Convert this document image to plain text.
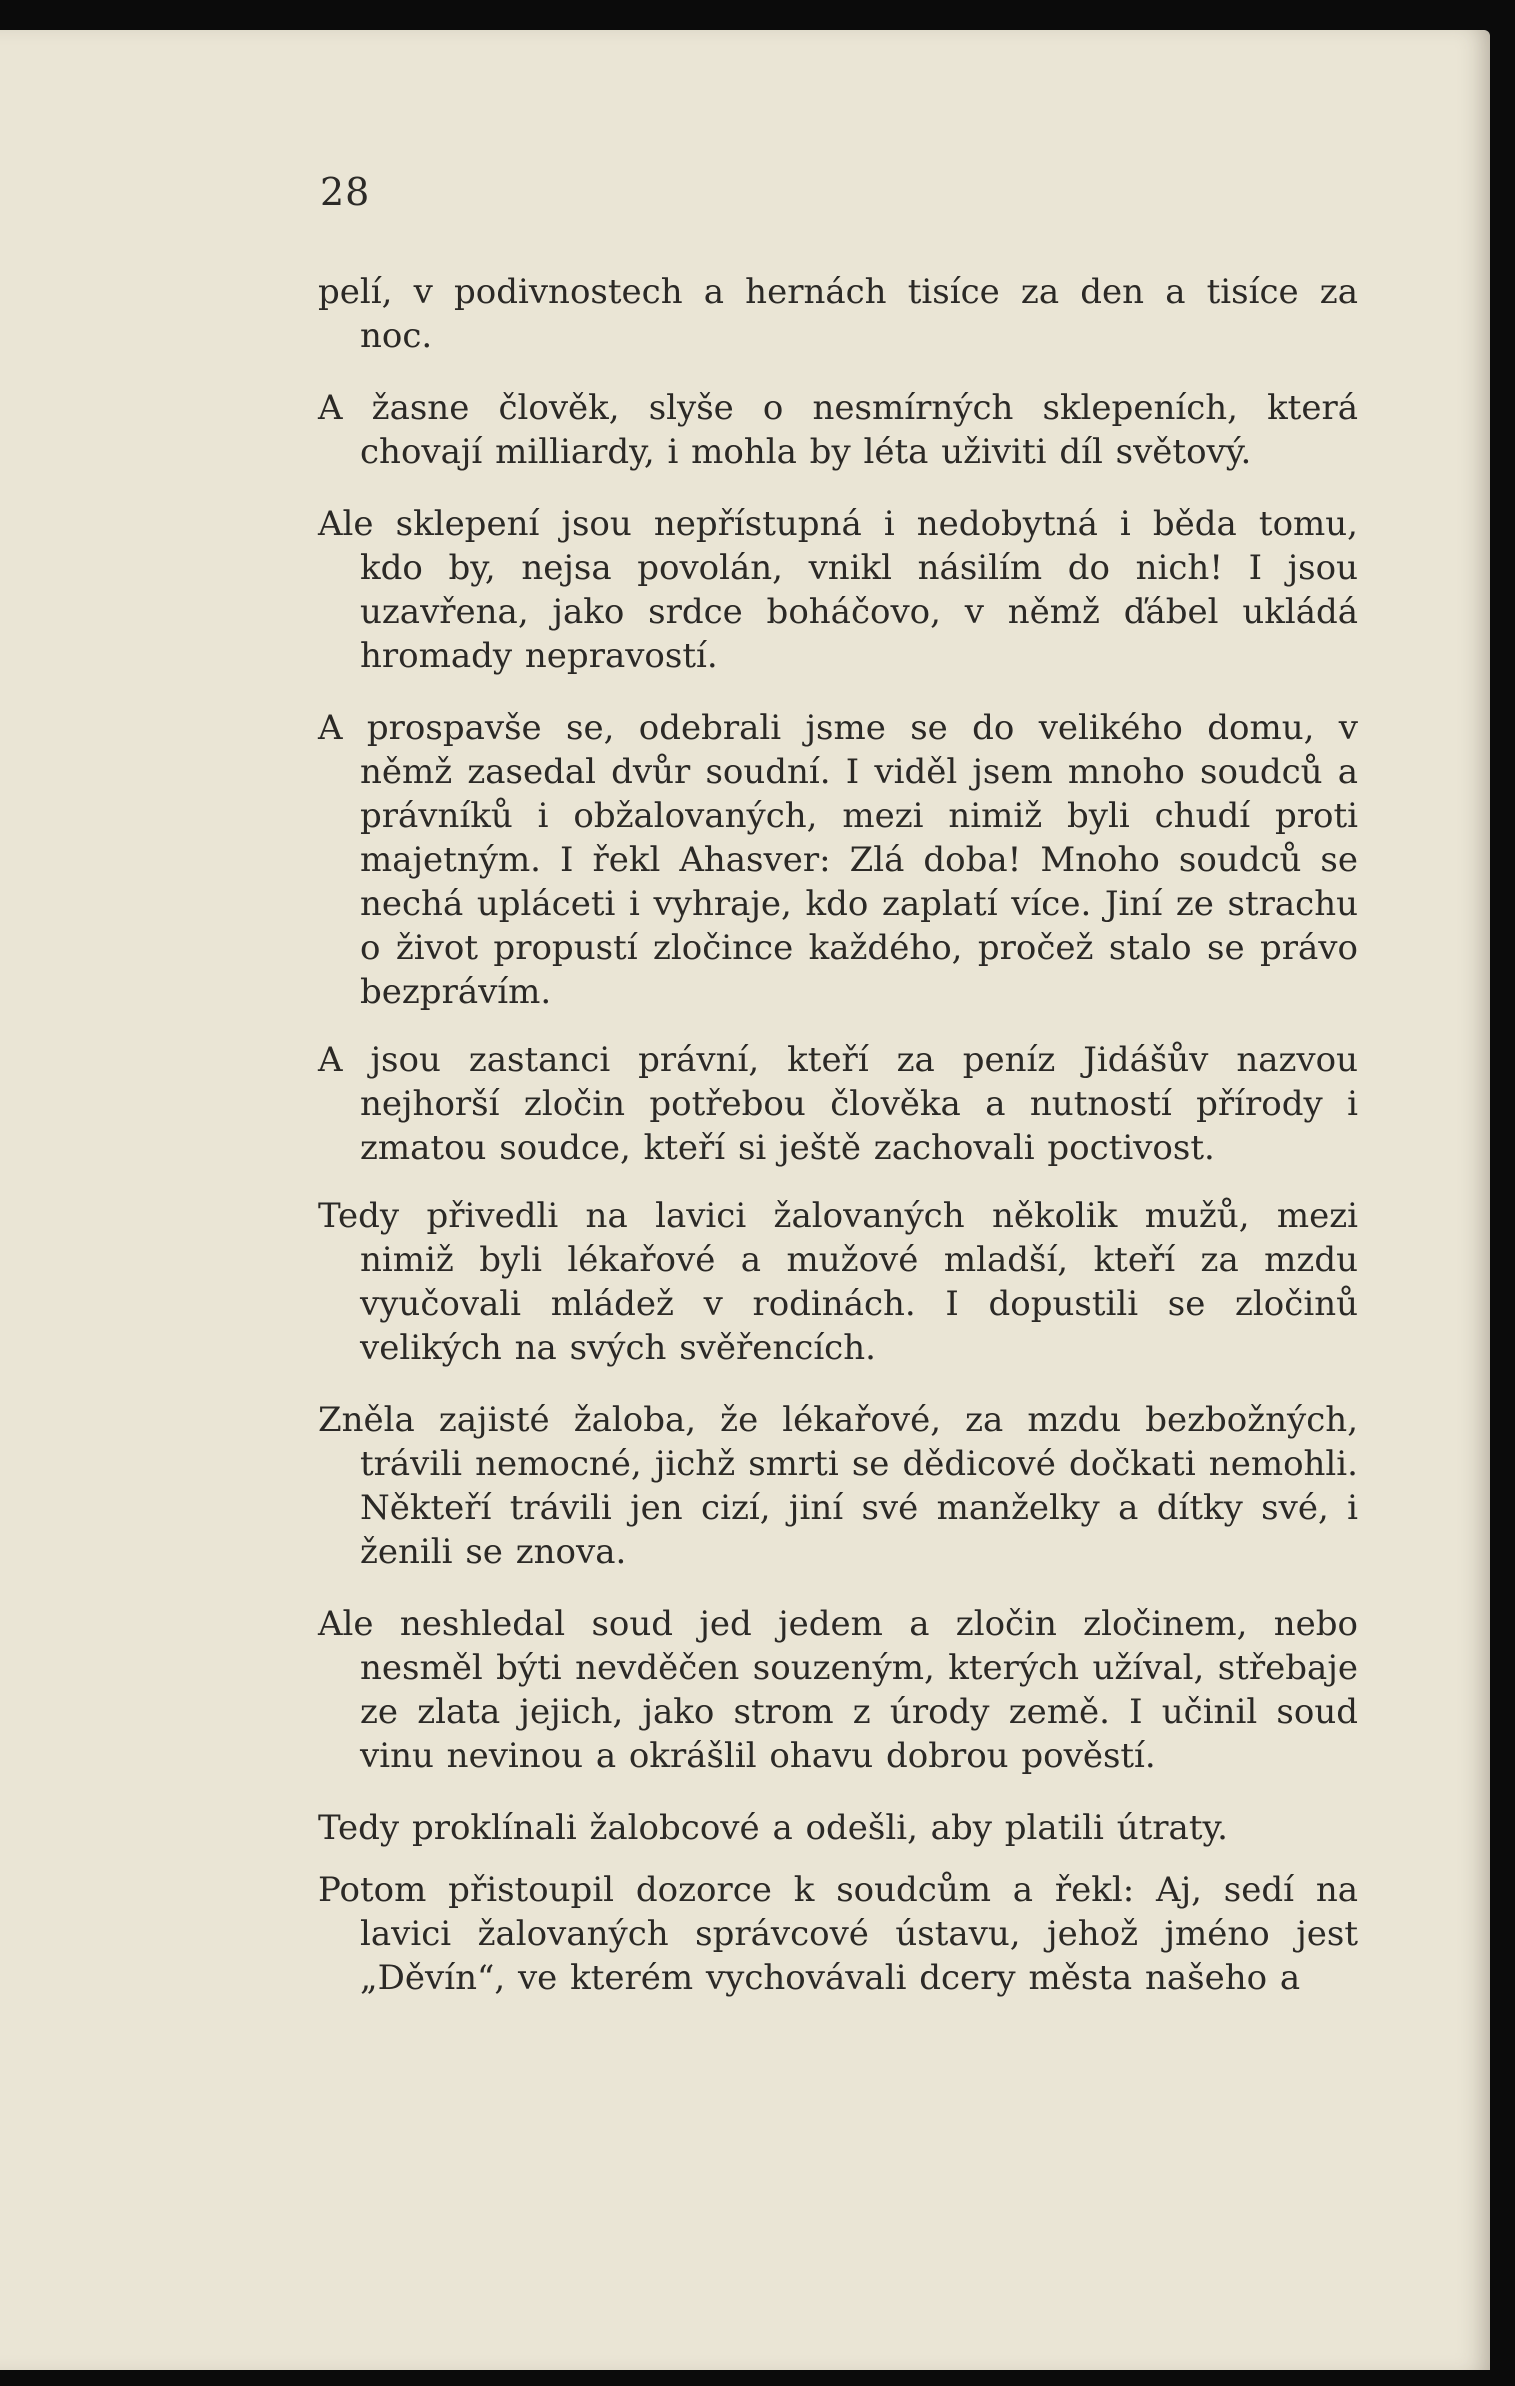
28

pelí, v podivnostech a hernách tisíce za den a tisíce za noc.

A žasne člověk, slyše o nesmírných sklepeních, která chovají milliardy, i mohla by léta uživiti díl světový.

Ale sklepení jsou nepřístupná i nedobytná i běda tomu, kdo by, nejsa povolán, vnikl násilím do nich! I jsou uzavřena, jako srdce boháčovo, v němž ďábel ukládá hromady nepravostí.

A prospavše se, odebrali jsme se do velikého domu, v němž zasedal dvůr soudní. I viděl jsem mnoho soudců a právníků i obžalovaných, mezi nimiž byli chudí proti majetným. I řekl Ahasver: Zlá doba! Mnoho soudců se nechá upláceti i vyhraje, kdo zaplatí více. Jiní ze strachu o život propustí zločince každého, pročež stalo se právo bezprávím.

A jsou zastanci právní, kteří za peníz Jidášův nazvou nejhorší zločin potřebou člověka a nutností přírody i zmatou soudce, kteří si ještě zachovali poctivost.

Tedy přivedli na lavici žalovaných několik mužů, mezi nimiž byli lékařové a mužové mladší, kteří za mzdu vyučovali mládež v rodinách. I dopustili se zločinů velikých na svých svěřencích.

Zněla zajisté žaloba, že lékařové, za mzdu bezbožných, trávili nemocné, jichž smrti se dědicové dočkati nemohli. Někteří trávili jen cizí, jiní své manželky a dítky své, i ženili se znova.

Ale neshledal soud jed jedem a zločin zločinem, nebo nesměl býti nevděčen souzeným, kterých užíval, střebaje ze zlata jejich, jako strom z úrody země. I učinil soud vinu nevinou a okrášlil ohavu dobrou pověstí.

Tedy proklínali žalobcové a odešli, aby platili útraty.

Potom přistoupil dozorce k soudcům a řekl: Aj, sedí na lavici žalovaných správcové ústavu, jehož jméno jest „Děvín“, ve kterém vychovávali dcery města našeho a
